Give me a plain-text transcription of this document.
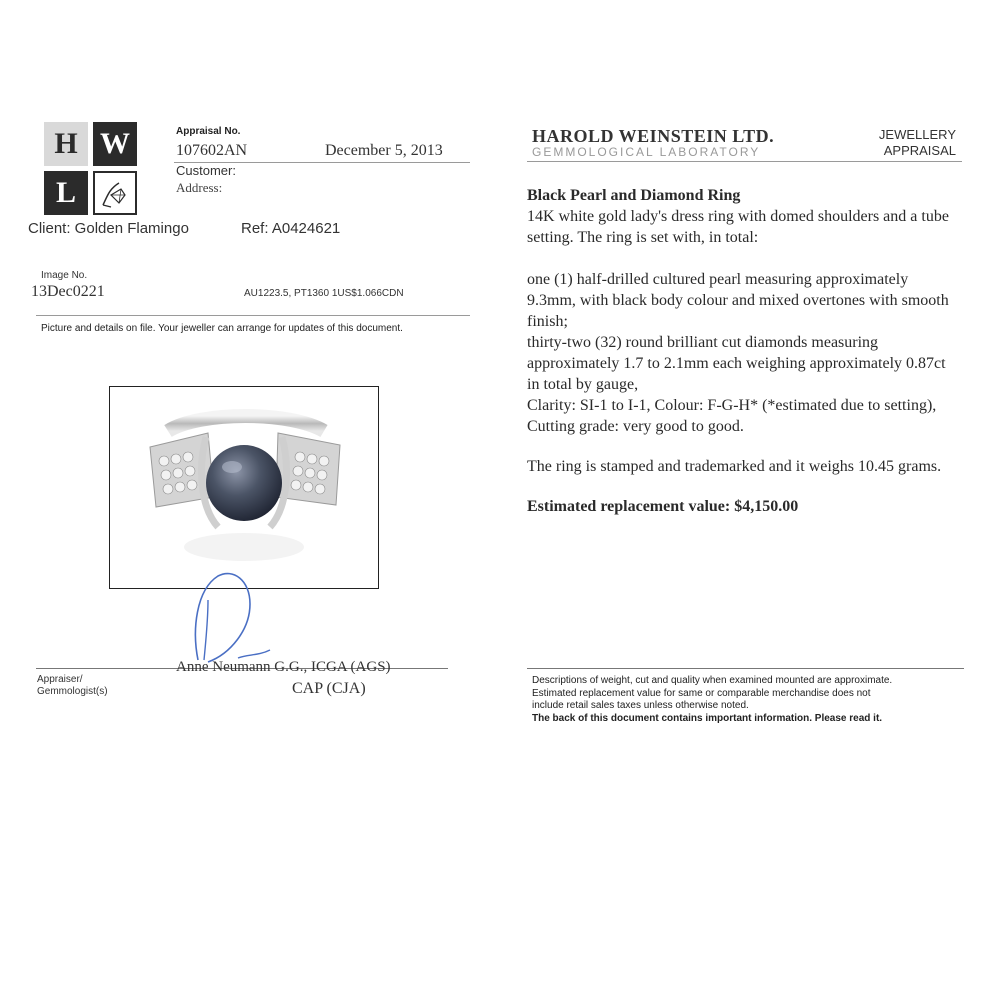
H W
L
Appraisal No.
107602AN	December 5, 2013
Customer:
Address:
Client: Golden Flamingo	Ref: A0424621
Image No.
13Dec0221	AU1223.5, PT1360 1US$1.066CDN
Picture and details on file. Your jeweller can arrange for updates of this document.
Appraiser/
Gemmologist(s)
Anne Neumann G.G., ICGA (AGS)
CAP (CJA)
HAROLD WEINSTEIN LTD.
GEMMOLOGICAL LABORATORY
JEWELLERY
APPRAISAL

Black Pearl and Diamond Ring

14K white gold lady's dress ring with domed shoulders and a tube setting. The ring is set with, in total:

one (1) half-drilled cultured pearl measuring approximately 9.3mm, with black body colour and mixed overtones with smooth finish;

thirty-two (32) round brilliant cut diamonds measuring approximately 1.7 to 2.1mm each weighing approximately 0.87ct in total by gauge,

Clarity: SI-1 to I-1, Colour: F-G-H* (*estimated due to setting), Cutting grade: very good to good.

The ring is stamped and trademarked and it weighs 10.45 grams.

Estimated replacement value: $4,150.00

Descriptions of weight, cut and quality when examined mounted are approximate.
Estimated replacement value for same or comparable merchandise does not
include retail sales taxes unless otherwise noted.
The back of this document contains important information. Please read it.
